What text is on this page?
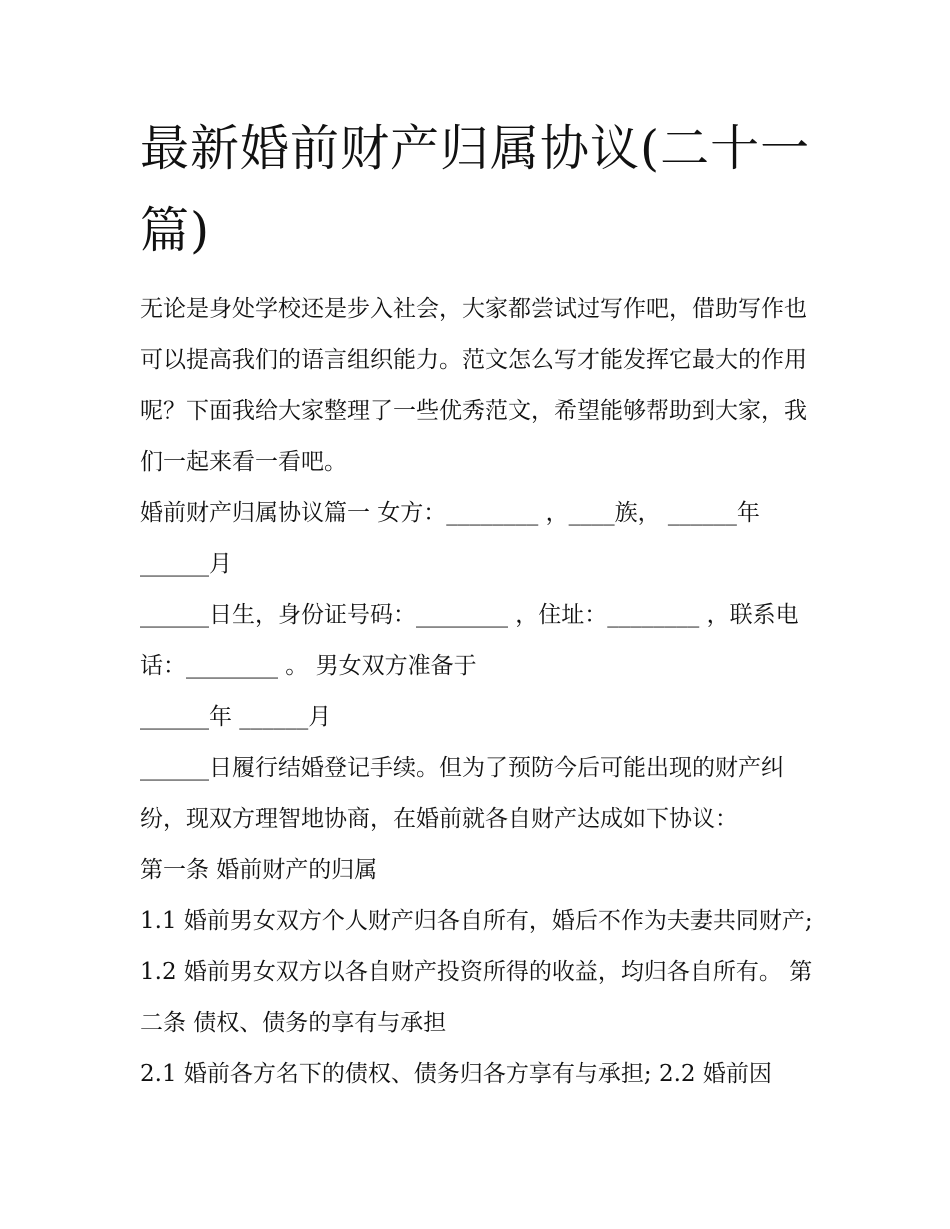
最新婚前财产归属协议(二十一篇)

无论是身处学校还是步入社会，大家都尝试过写作吧，借助写作也可以提高我们的语言组织能力。范文怎么写才能发挥它最大的作用呢？下面我给大家整理了一些优秀范文，希望能够帮助到大家，我们一起来看一看吧。

婚前财产归属协议篇一 女方：________ ，____族， ______年 ______月

______日生，身份证号码：________ ，住址：________ ，联系电话：________ 。 男女双方准备于

______年 ______月

______日履行结婚登记手续。但为了预防今后可能出现的财产纠纷，现双方理智地协商，在婚前就各自财产达成如下协议：

第一条 婚前财产的归属

1.1 婚前男女双方个人财产归各自所有，婚后不作为夫妻共同财产; 1.2 婚前男女双方以各自财产投资所得的收益，均归各自所有。 第二条 债权、债务的享有与承担

2.1 婚前各方名下的债权、债务归各方享有与承担; 2.2 婚前因
